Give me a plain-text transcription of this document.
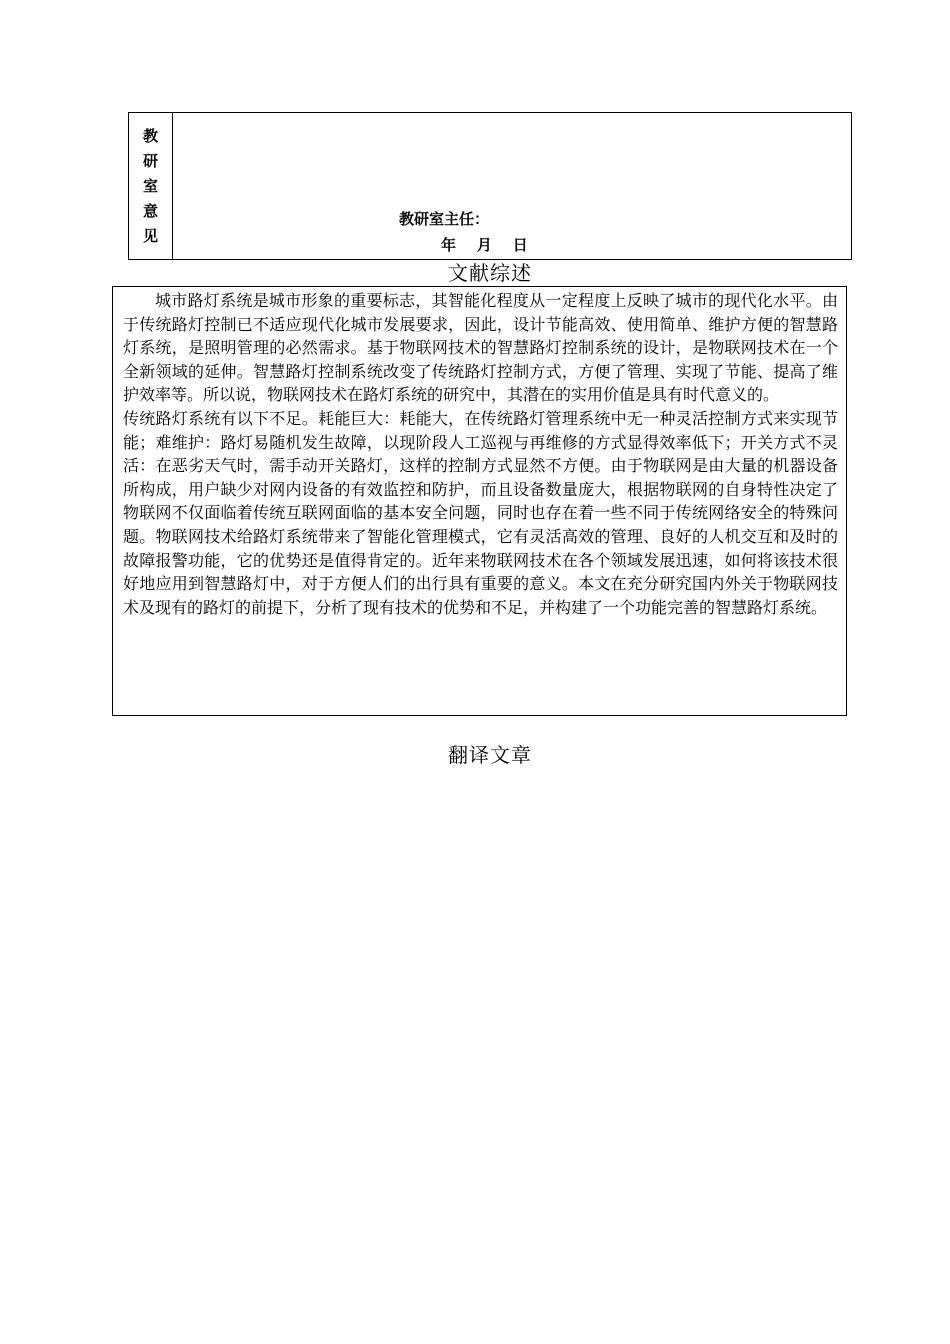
教
研
室
意
见
教研室主任：
年    月    日
文献综述

城市路灯系统是城市形象的重要标志，其智能化程度从一定程度上反映了城市的现代化水平。由于传统路灯控制已不适应现代化城市发展要求，因此，设计节能高效、使用简单、维护方便的智慧路灯系统，是照明管理的必然需求。基于物联网技术的智慧路灯控制系统的设计，是物联网技术在一个全新领域的延伸。智慧路灯控制系统改变了传统路灯控制方式，方便了管理、实现了节能、提高了维护效率等。所以说，物联网技术在路灯系统的研究中，其潜在的实用价值是具有时代意义的。

传统路灯系统有以下不足。耗能巨大：耗能大，在传统路灯管理系统中无一种灵活控制方式来实现节能；难维护：路灯易随机发生故障，以现阶段人工巡视与再维修的方式显得效率低下；开关方式不灵活：在恶劣天气时，需手动开关路灯，这样的控制方式显然不方便。由于物联网是由大量的机器设备所构成，用户缺少对网内设备的有效监控和防护，而且设备数量庞大，根据物联网的自身特性决定了物联网不仅面临着传统互联网面临的基本安全问题，同时也存在着一些不同于传统网络安全的特殊问题。物联网技术给路灯系统带来了智能化管理模式，它有灵活高效的管理、良好的人机交互和及时的故障报警功能，它的优势还是值得肯定的。近年来物联网技术在各个领域发展迅速，如何将该技术很好地应用到智慧路灯中，对于方便人们的出行具有重要的意义。本文在充分研究国内外关于物联网技术及现有的路灯的前提下，分析了现有技术的优势和不足，并构建了一个功能完善的智慧路灯系统。

翻译文章
